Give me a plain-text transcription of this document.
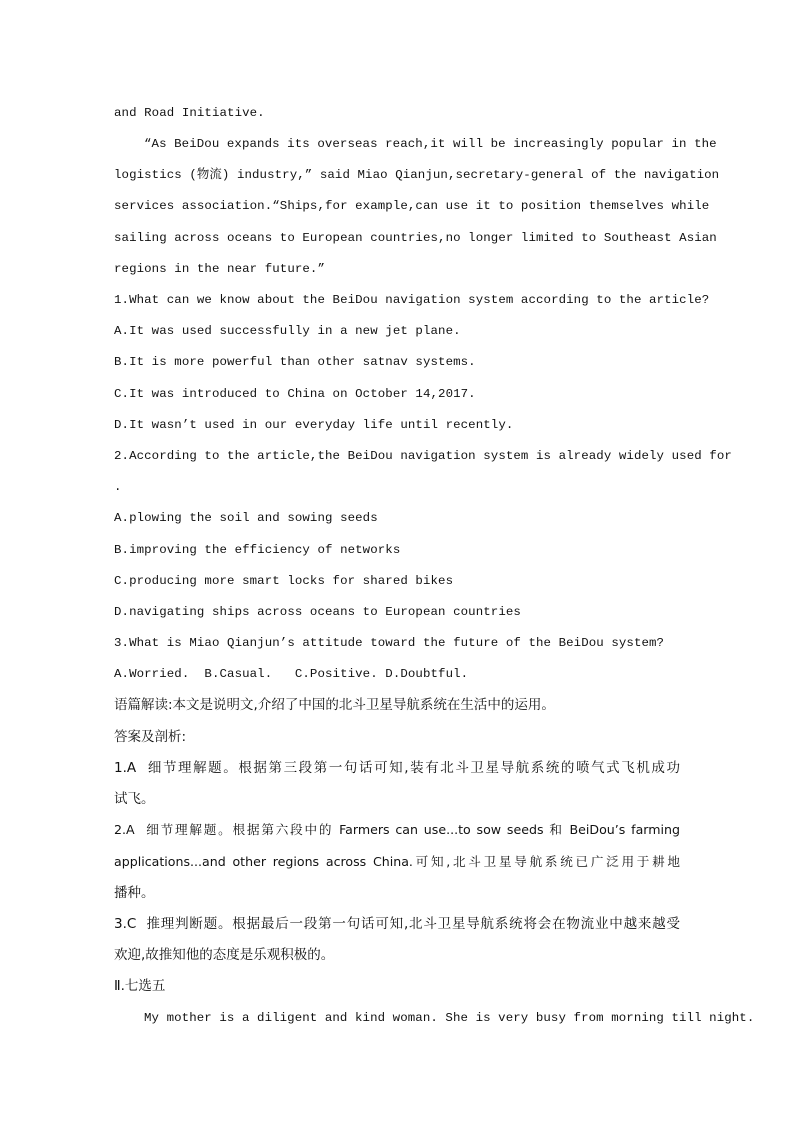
and Road Initiative.
“As BeiDou expands its overseas reach,it will be increasingly popular in the
logistics (物流) industry,” said Miao Qianjun,secretary-general of the navigation
services association.“Ships,for example,can use it to position themselves while
sailing across oceans to European countries,no longer limited to Southeast Asian
regions in the near future.”
1.What can we know about the BeiDou navigation system according to the article?
A.It was used successfully in a new jet plane.
B.It is more powerful than other satnav systems.
C.It was introduced to China on October 14,2017.
D.It wasn’t used in our everyday life until recently.
2.According to the article,the BeiDou navigation system is already widely used for
.
A.plowing the soil and sowing seeds
B.improving the efficiency of networks
C.producing more smart locks for shared bikes
D.navigating ships across oceans to European countries
3.What is Miao Qianjun’s attitude toward the future of the BeiDou system?
A.Worried.  B.Casual.   C.Positive. D.Doubtful.
语篇解读:本文是说明文,介绍了中国的北斗卫星导航系统在生活中的运用。
答案及剖析:
1.A  细节理解题。根据第三段第一句话可知,装有北斗卫星导航系统的喷气式飞机成功
试飞。
2.A  细节理解题。根据第六段中的 Farmers can use...to sow seeds 和 BeiDou’s farming
applications...and other regions across China.可知,北斗卫星导航系统已广泛用于耕地
播种。
3.C  推理判断题。根据最后一段第一句话可知,北斗卫星导航系统将会在物流业中越来越受
欢迎,故推知他的态度是乐观积极的。
Ⅱ.七选五
My mother is a diligent and kind woman. She is very busy from morning till night.
